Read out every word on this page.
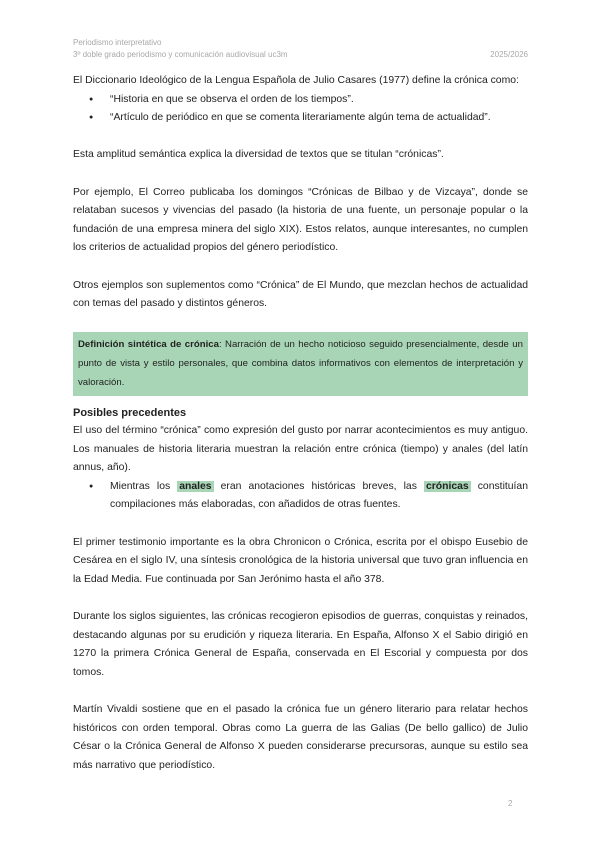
Periodismo interpretativo
3º doble grado periodismo y comunicación audiovisual uc3m	2025/2026

El Diccionario Ideológico de la Lengua Española de Julio Casares (1977) define la crónica como:

● “Historia en que se observa el orden de los tiempos”.
● “Artículo de periódico en que se comenta literariamente algún tema de actualidad”.

Esta amplitud semántica explica la diversidad de textos que se titulan “crónicas”.

Por ejemplo, El Correo publicaba los domingos “Crónicas de Bilbao y de Vizcaya”, donde se relataban sucesos y vivencias del pasado (la historia de una fuente, un personaje popular o la fundación de una empresa minera del siglo XIX). Estos relatos, aunque interesantes, no cumplen los criterios de actualidad propios del género periodístico.

Otros ejemplos son suplementos como “Crónica” de El Mundo, que mezclan hechos de actualidad con temas del pasado y distintos géneros.

Definición sintética de crónica: Narración de un hecho noticioso seguido presencialmente, desde un punto de vista y estilo personales, que combina datos informativos con elementos de interpretación y valoración.
Posibles precedentes

El uso del término “crónica” como expresión del gusto por narrar acontecimientos es muy antiguo. Los manuales de historia literaria muestran la relación entre crónica (tiempo) y anales (del latín annus, año).

● Mientras los anales eran anotaciones históricas breves, las crónicas constituían compilaciones más elaboradas, con añadidos de otras fuentes.

El primer testimonio importante es la obra Chronicon o Crónica, escrita por el obispo Eusebio de Cesárea en el siglo IV, una síntesis cronológica de la historia universal que tuvo gran influencia en la Edad Media. Fue continuada por San Jerónimo hasta el año 378.

Durante los siglos siguientes, las crónicas recogieron episodios de guerras, conquistas y reinados, destacando algunas por su erudición y riqueza literaria. En España, Alfonso X el Sabio dirigió en 1270 la primera Crónica General de España, conservada en El Escorial y compuesta por dos tomos.

Martín Vivaldi sostiene que en el pasado la crónica fue un género literario para relatar hechos históricos con orden temporal. Obras como La guerra de las Galias (De bello gallico) de Julio César o la Crónica General de Alfonso X pueden considerarse precursoras, aunque su estilo sea más narrativo que periodístico.

2
